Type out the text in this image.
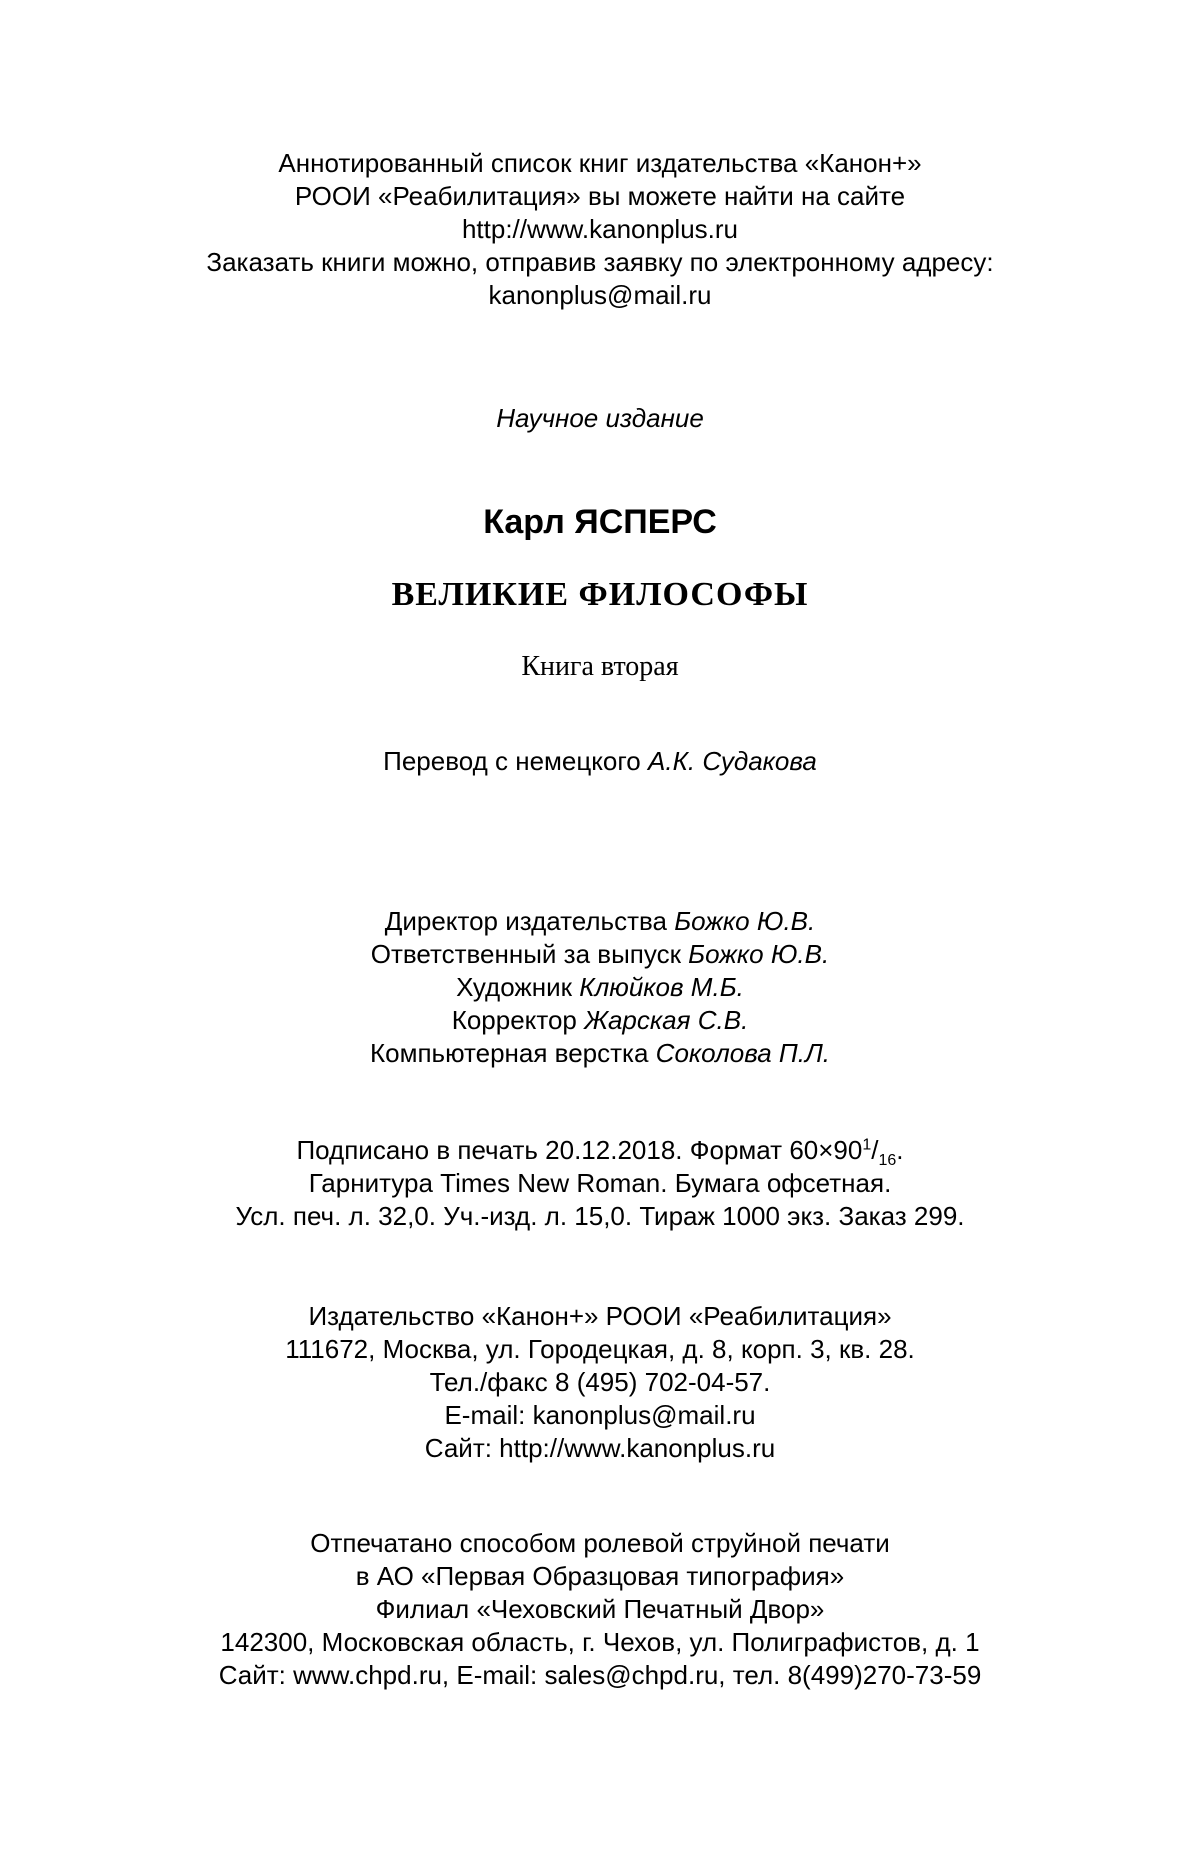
Аннотированный список книг издательства «Канон+»
РООИ «Реабилитация» вы можете найти на сайте
http://www.kanonplus.ru
Заказать книги можно, отправив заявку по электронному адресу:
kanonplus@mail.ru
Научное издание
Карл ЯСПЕРС
ВЕЛИКИЕ ФИЛОСОФЫ
Книга вторая
Перевод с немецкого А.К. Судакова
Директор издательства Божко Ю.В.
Ответственный за выпуск Божко Ю.В.
Художник Клюйков М.Б.
Корректор Жарская С.В.
Компьютерная верстка Соколова П.Л.
Подписано в печать 20.12.2018. Формат $60\times 90^1/_{16}$.
Гарнитура Times New Roman. Бумага офсетная.
Усл. печ. л. 32,0. Уч.-изд. л. 15,0. Тираж 1000 экз. Заказ 299.
Издательство «Канон+» РООИ «Реабилитация»
111672, Москва, ул. Городецкая, д. 8, корп. 3, кв. 28.
Тел./факс 8 (495) 702-04-57.
E-mail: kanonplus@mail.ru
Сайт: http://www.kanonplus.ru
Отпечатано способом ролевой струйной печати
в АО «Первая Образцовая типография»
Филиал «Чеховский Печатный Двор»
142300, Московская область, г. Чехов, ул. Полиграфистов, д. 1
Сайт: www.chpd.ru, E-mail: sales@chpd.ru, тел. 8(499)270-73-59
